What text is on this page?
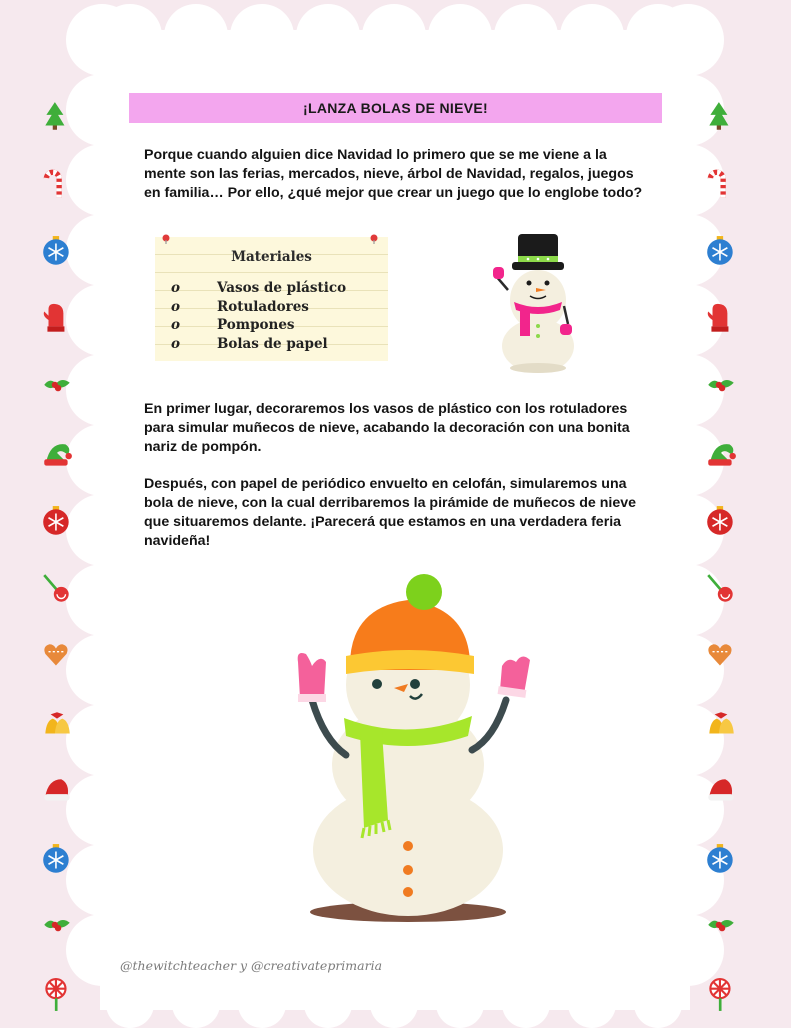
¡LANZA BOLAS DE NIEVE!
Porque cuando alguien dice Navidad lo primero que se me viene a la mente son las ferias, mercados, nieve, árbol de Navidad, regalos, juegos en familia… Por ello, ¿qué mejor que crear un juego que lo englobe todo?
Materiales
o	Vasos de plástico
o	Rotuladores
o	Pompones
o	Bolas de papel
En primer lugar, decoraremos los vasos de plástico con los rotuladores para simular muñecos de nieve, acabando la decoración con una bonita nariz de pompón.
Después, con papel de periódico envuelto en celofán, simularemos una bola de nieve, con la cual derribaremos la pirámide de muñecos de nieve que situaremos delante. ¡Parecerá que estamos en una verdadera feria navideña!
@thewitchteacher y @creativateprimaria
